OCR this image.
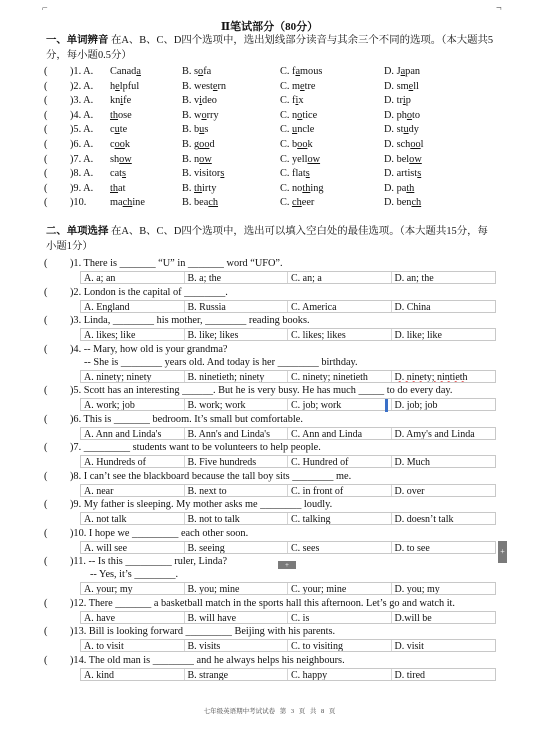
⌐	¬
Ⅱ笔试部分（80分）
一、单词辨音 在A、B、C、D四个选项中，选出划线部分读音与其余三个不同的选项。（本大题共5分，每小题0.5分）
( )1. A. Canada	B. sofa	C. famous	D. Japan
( )2. A. helpful	B. western	C. metre	D. smell
( )3. A. knife	B. video	C. fix	D. trip
( )4. A. those	B. worry	C. notice	D. photo
( )5. A. cute	B. bus	C. uncle	D. study
( )6. A. cook	B. good	C. book	D. school
( )7. A. show	B. now	C. yellow	D. below
( )8. A. cats	B. visitors	C. flats	D. artists
( )9. A. that	B. thirty	C. nothing	D. path
( )10. machine	B. beach	C. cheer	D. bench
二、单项选择 在A、B、C、D四个选项中，选出可以填入空白处的最佳选项。（本大题共15分，每小题1分）
( )1. There is _______ “U” in _______ word “UFO”.
A. a; an	B. a; the	C. an; a	D. an; the
( )2. London is the capital of ________.
A. England	B. Russia	C. America	D. China
( )3. Linda, ________ his mother, ________ reading books.
A. likes; like	B. like; likes	C. likes; likes	D. like; like
( )4. -- Mary, how old is your grandma?
-- She is ________ years old. And today is her ________ birthday.
A. ninety; ninety	B. ninetieth; ninety	C. ninety; ninetieth	D. ninety; nintieth
( )5. Scott has an interesting ______. But he is very busy. He has much _____ to do every day.
A. work; job	B. work; work	C. job; work	D. job; job
( )6. This is _______ bedroom. It’s small but comfortable.
A. Ann and Linda's	B. Ann's and Linda's	C. Ann and Linda	D. Amy's and Linda
( )7. _________ students want to be volunteers to help people.
A. Hundreds of	B. Five hundreds	C. Hundred of	D. Much
( )8. I can’t see the blackboard because the tall boy sits ________ me.
A. near	B. next to	C. in front of	D. over
( )9. My father is sleeping. My mother asks me ________ loudly.
A. not talk	B. not to talk	C. talking	D. doesn’t talk
( )10. I hope we _________ each other soon.
A. will see	B. seeing	C. sees	D. to see
( )11. -- Is this _________ ruler, Linda?
-- Yes, it’s ________.
A. your; my	B. you; mine	C. your; mine	D. you; my
( )12. There _______ a basketball match in the sports hall this afternoon. Let’s go and watch it.
A. have	B. will have	C. is	D.will be
( )13. Bill is looking forward _________ Beijing with his parents.
A. to visit	B. visits	C. to visiting	D. visit
( )14. The old man is ________ and he always helps his neighbours.
A. kind	B. strange	C. happy	D. tired
+
+
七年级英语期中考试试卷 第 3 页 共 8 页
